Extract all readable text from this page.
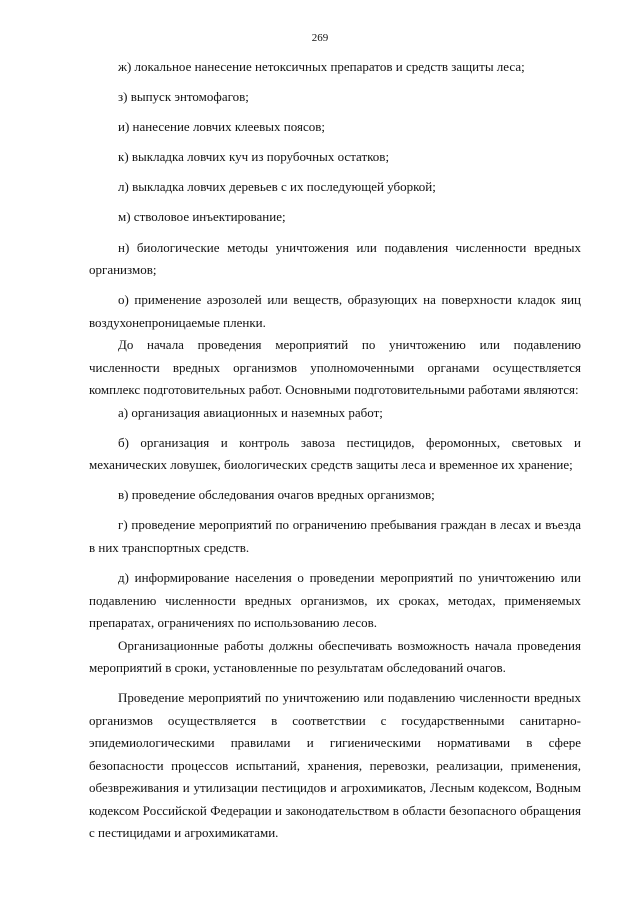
269

ж) локальное нанесение нетоксичных препаратов и средств защиты леса;

з) выпуск энтомофагов;

и) нанесение ловчих клеевых поясов;

к) выкладка ловчих куч из порубочных остатков;

л) выкладка ловчих деревьев с их последующей уборкой;

м) стволовое инъектирование;

н) биологические методы уничтожения или подавления численности вредных организмов;

о) применение аэрозолей или веществ, образующих на поверхности кладок яиц воздухонепроницаемые пленки.

До начала проведения мероприятий по уничтожению или подавлению численности вредных организмов уполномоченными органами осуществляется комплекс подготовительных работ. Основными подготовительными работами являются:

а) организация авиационных и наземных работ;

б) организация и контроль завоза пестицидов, феромонных, световых и механических ловушек, биологических средств защиты леса и временное их хранение;

в) проведение обследования очагов вредных организмов;

г) проведение мероприятий по ограничению пребывания граждан в лесах и въезда в них транспортных средств.

д) информирование населения о проведении мероприятий по уничтожению или подавлению численности вредных организмов, их сроках, методах, применяемых препаратах, ограничениях по использованию лесов.

Организационные работы должны обеспечивать возможность начала проведения мероприятий в сроки, установленные по результатам обследований очагов.

Проведение мероприятий по уничтожению или подавлению численности вредных организмов осуществляется в соответствии с государственными санитарно-эпидемиологическими правилами и гигиеническими нормативами в сфере безопасности процессов испытаний, хранения, перевозки, реализации, применения, обезвреживания и утилизации пестицидов и агрохимикатов, Лесным кодексом, Водным кодексом Российской Федерации и законодательством в области безопасного обращения с пестицидами и агрохимикатами.
